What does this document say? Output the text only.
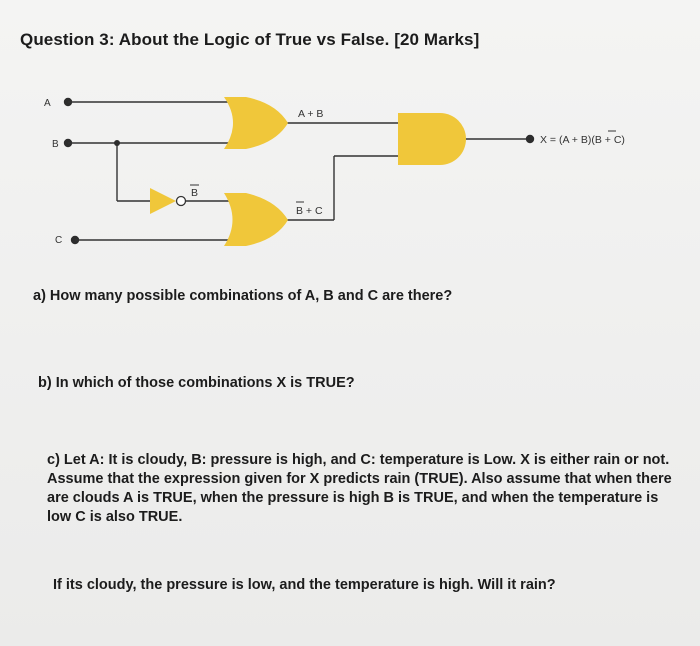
Question 3: About the Logic of True vs False. [20 Marks]
A
B
C
A + B
B
B + C
X = (A + B)(B + C)
a) How many possible combinations of A, B and C are there?
b) In which of those combinations X is TRUE?
c) Let A: It is cloudy, B: pressure is high, and C: temperature is Low. X is either rain or not. Assume that the expression given for X predicts rain (TRUE). Also assume that when there are clouds A is TRUE, when the pressure is high B is TRUE, and when the temperature is low C is also TRUE.
If its cloudy, the pressure is low, and the temperature is high. Will it rain?
